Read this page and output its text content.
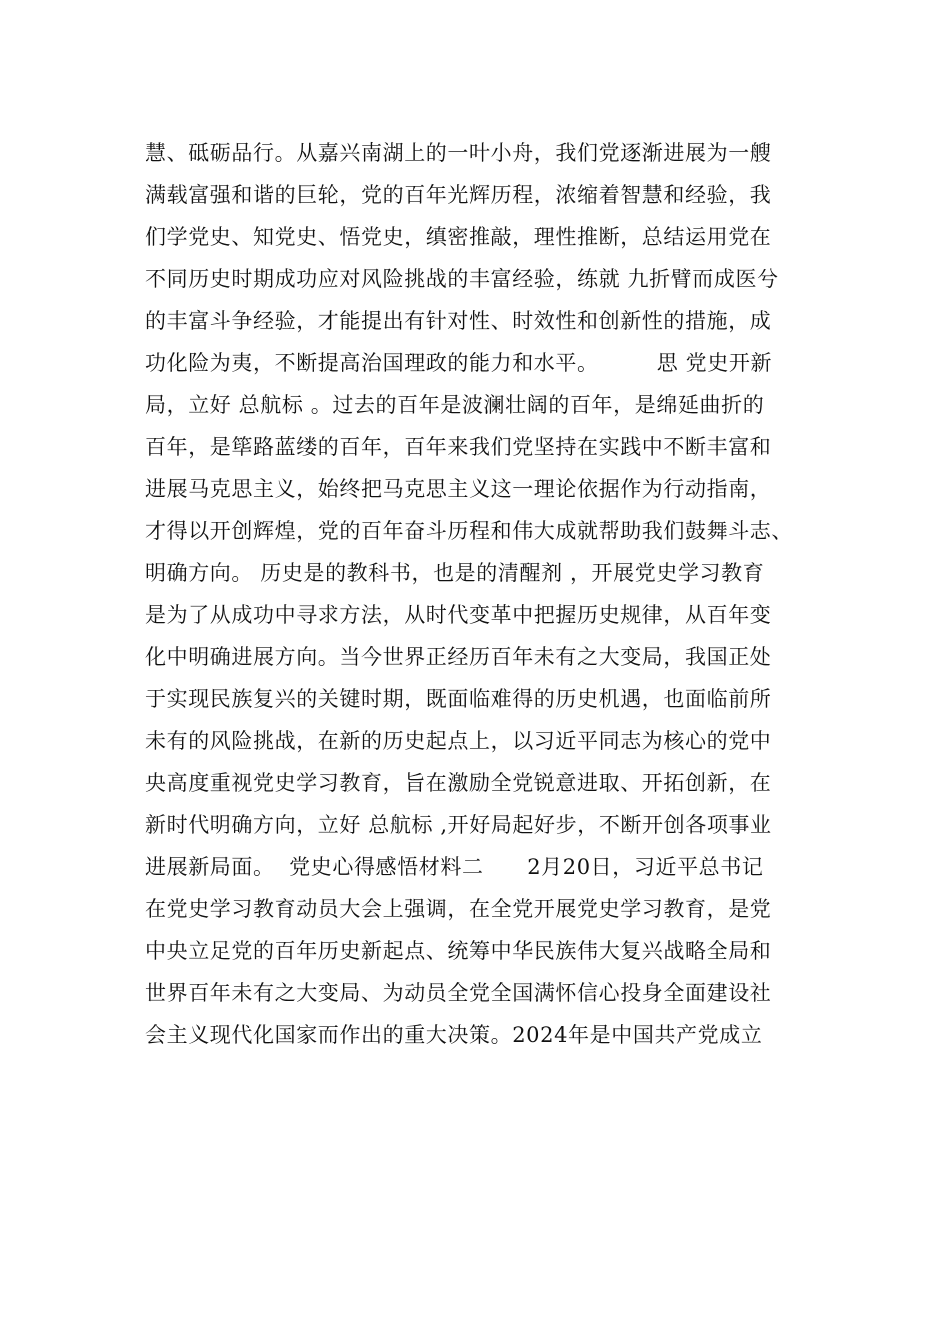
慧、砥砺品行。从嘉兴南湖上的一叶小舟，我们党逐渐进展为一艘
满载富强和谐的巨轮，党的百年光辉历程，浓缩着智慧和经验，我
们学党史、知党史、悟党史，缜密推敲，理性推断，总结运用党在
不同历史时期成功应对风险挑战的丰富经验，练就 九折臂而成医兮
的丰富斗争经验，才能提出有针对性、时效性和创新性的措施，成
功化险为夷，不断提高治国理政的能力和水平。        思 党史开新
局，立好 总航标 。过去的百年是波澜壮阔的百年，是绵延曲折的
百年，是筚路蓝缕的百年，百年来我们党坚持在实践中不断丰富和
进展马克思主义，始终把马克思主义这一理论依据作为行动指南，
才得以开创辉煌，党的百年奋斗历程和伟大成就帮助我们鼓舞斗志、
明确方向。 历史是的教科书，也是的清醒剂 ，开展党史学习教育
是为了从成功中寻求方法，从时代变革中把握历史规律，从百年变
化中明确进展方向。当今世界正经历百年未有之大变局，我国正处
于实现民族复兴的关键时期，既面临难得的历史机遇，也面临前所
未有的风险挑战，在新的历史起点上，以习近平同志为核心的党中
央高度重视党史学习教育，旨在激励全党锐意进取、开拓创新，在
新时代明确方向，立好 总航标 ,开好局起好步，不断开创各项事业
进展新局面。  党史心得感悟材料二      2月20日，习近平总书记
在党史学习教育动员大会上强调，在全党开展党史学习教育，是党
中央立足党的百年历史新起点、统筹中华民族伟大复兴战略全局和
世界百年未有之大变局、为动员全党全国满怀信心投身全面建设社
会主义现代化国家而作出的重大决策。2024年是中国共产党成立
